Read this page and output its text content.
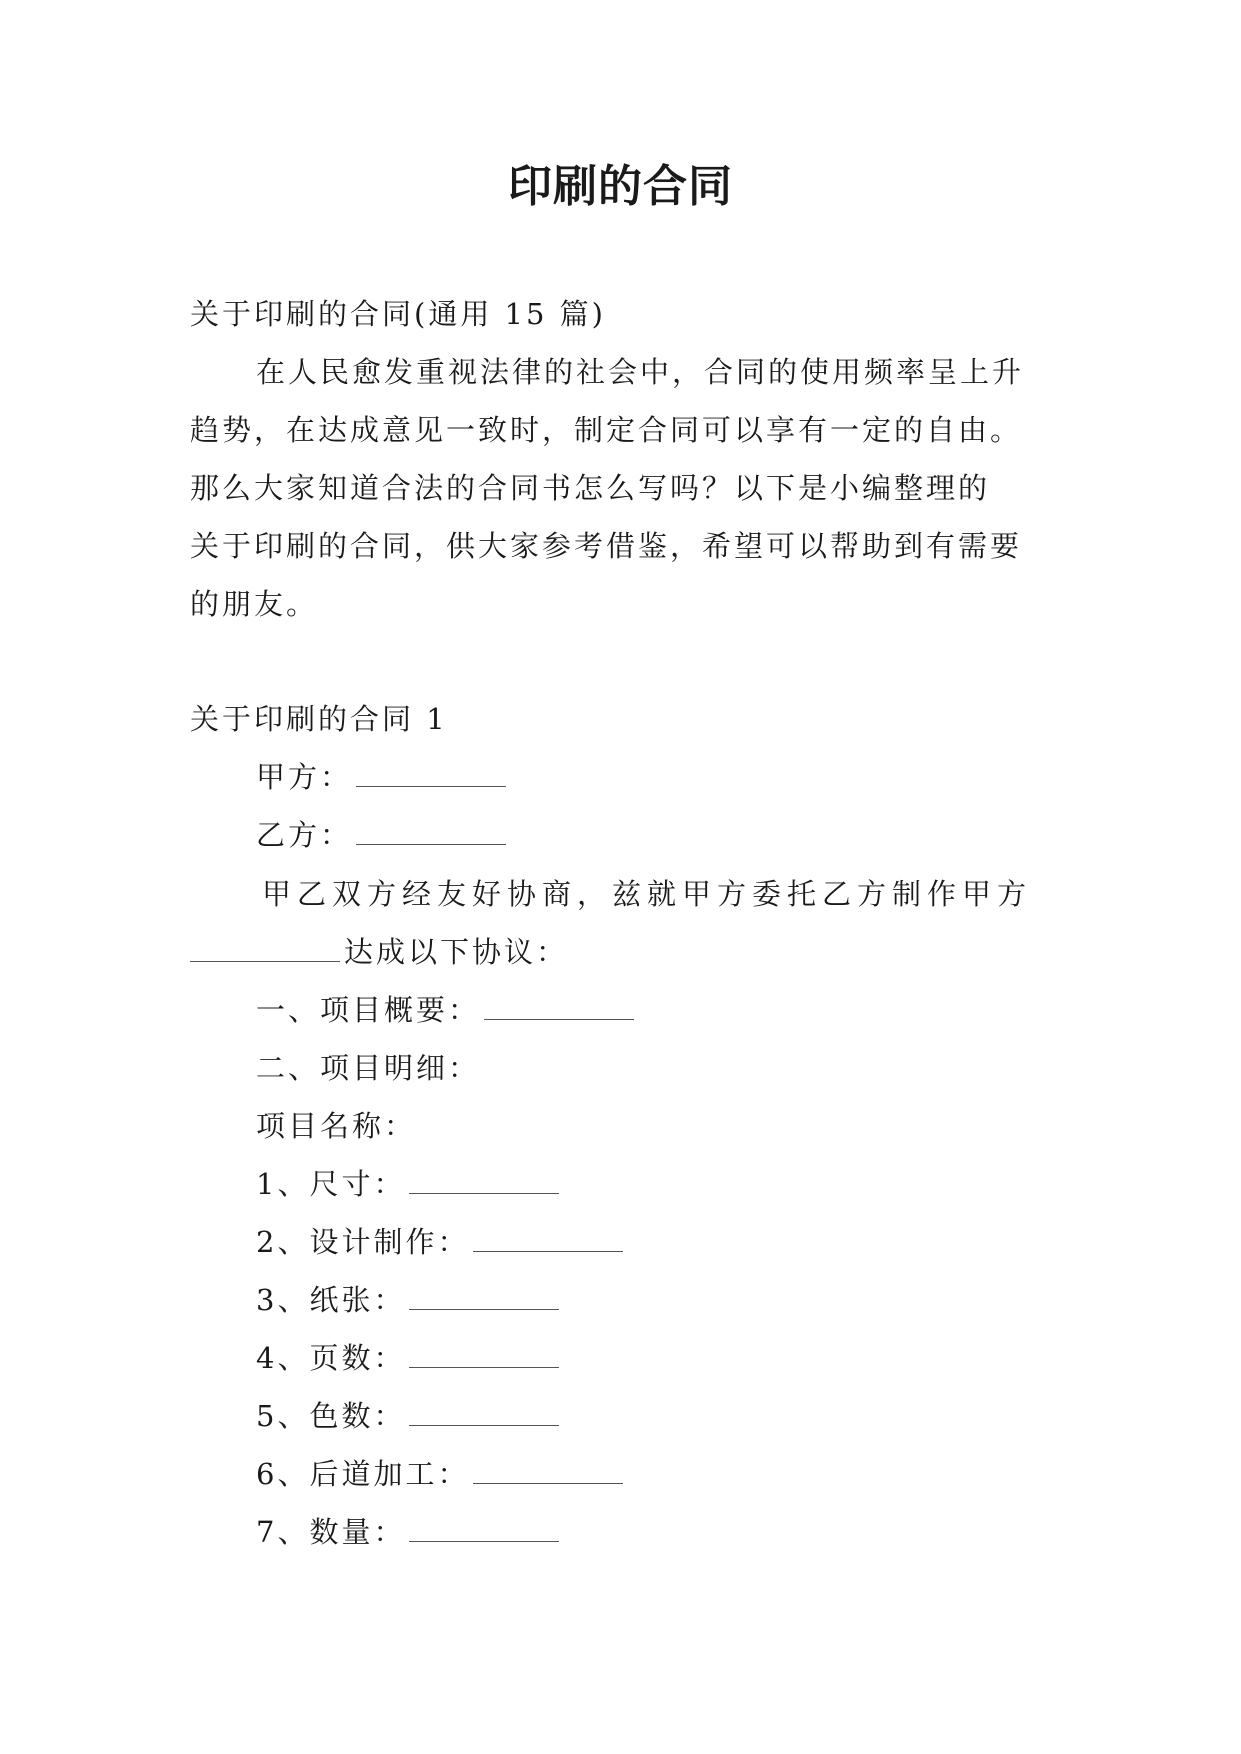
印刷的合同
关于印刷的合同(通用 15 篇)
在人民愈发重视法律的社会中，合同的使用频率呈上升
趋势，在达成意见一致时，制定合同可以享有一定的自由。
那么大家知道合法的合同书怎么写吗？以下是小编整理的
关于印刷的合同，供大家参考借鉴，希望可以帮助到有需要
的朋友。
关于印刷的合同 1
甲方：
乙方：
甲乙双方经友好协商，兹就甲方委托乙方制作甲方
达成以下协议：
一、项目概要：
二、项目明细：
项目名称：
1、尺寸：
2、设计制作：
3、纸张：
4、页数：
5、色数：
6、后道加工：
7、数量：
